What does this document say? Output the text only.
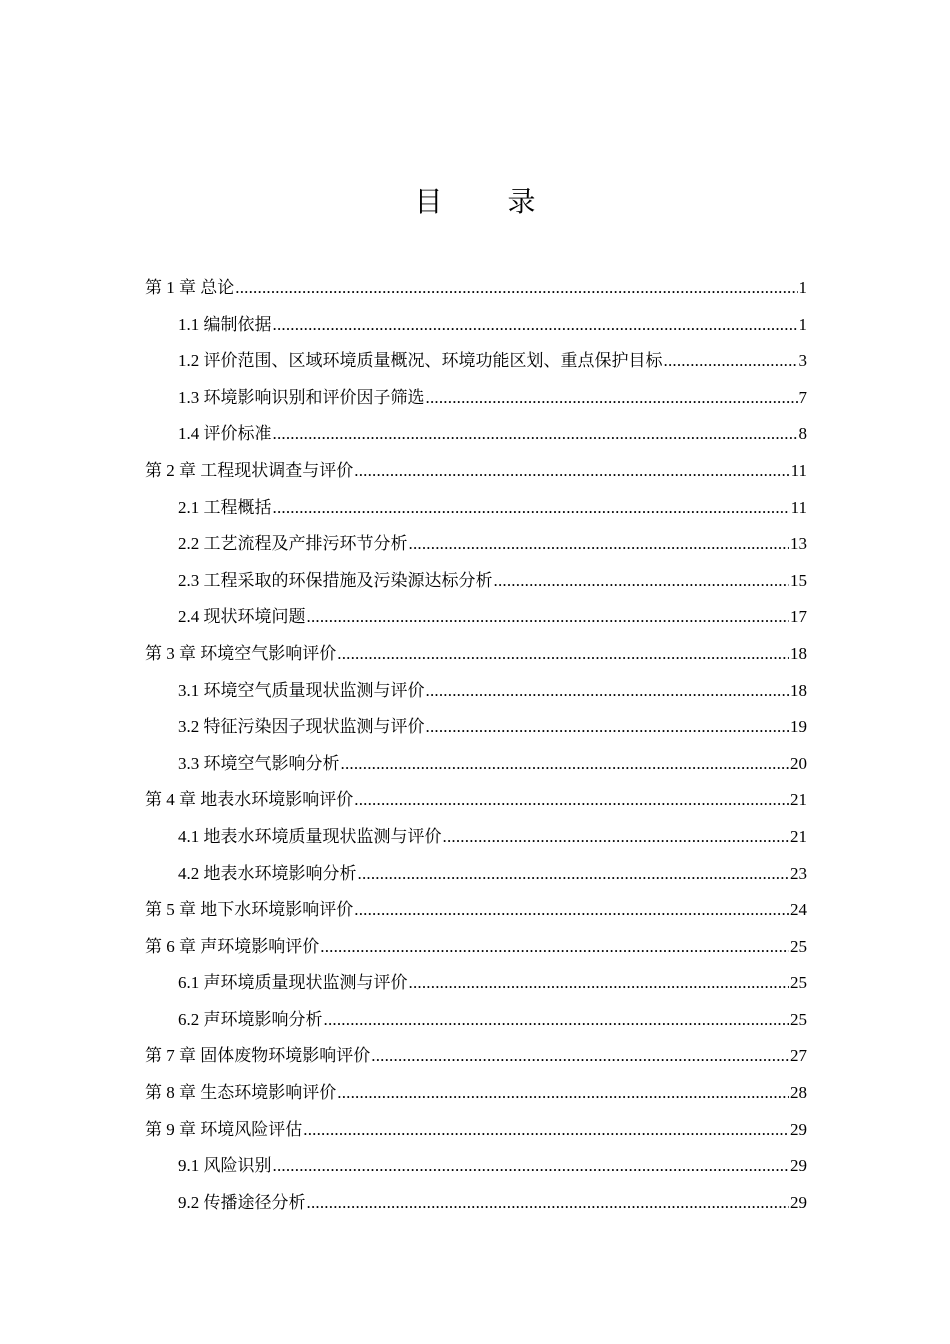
目 录
第 1 章 总论 .....	1
1.1 编制依据 .....	1
1.2 评价范围、区域环境质量概况、环境功能区划、重点保护目标 .....	3
1.3 环境影响识别和评价因子筛选 .....	7
1.4 评价标准 .....	8
第 2 章 工程现状调查与评价 .....	11
2.1 工程概括 .....	11
2.2 工艺流程及产排污环节分析 .....	13
2.3 工程采取的环保措施及污染源达标分析 .....	15
2.4 现状环境问题 .....	17
第 3 章 环境空气影响评价 .....	18
3.1 环境空气质量现状监测与评价 .....	18
3.2 特征污染因子现状监测与评价 .....	19
3.3 环境空气影响分析 .....	20
第 4 章 地表水环境影响评价 .....	21
4.1 地表水环境质量现状监测与评价 .....	21
4.2 地表水环境影响分析 .....	23
第 5 章 地下水环境影响评价 .....	24
第 6 章 声环境影响评价 .....	25
6.1 声环境质量现状监测与评价 .....	25
6.2 声环境影响分析 .....	25
第 7 章 固体废物环境影响评价 .....	27
第 8 章 生态环境影响评价 .....	28
第 9 章 环境风险评估 .....	29
9.1 风险识别 .....	29
9.2 传播途径分析 .....	29
